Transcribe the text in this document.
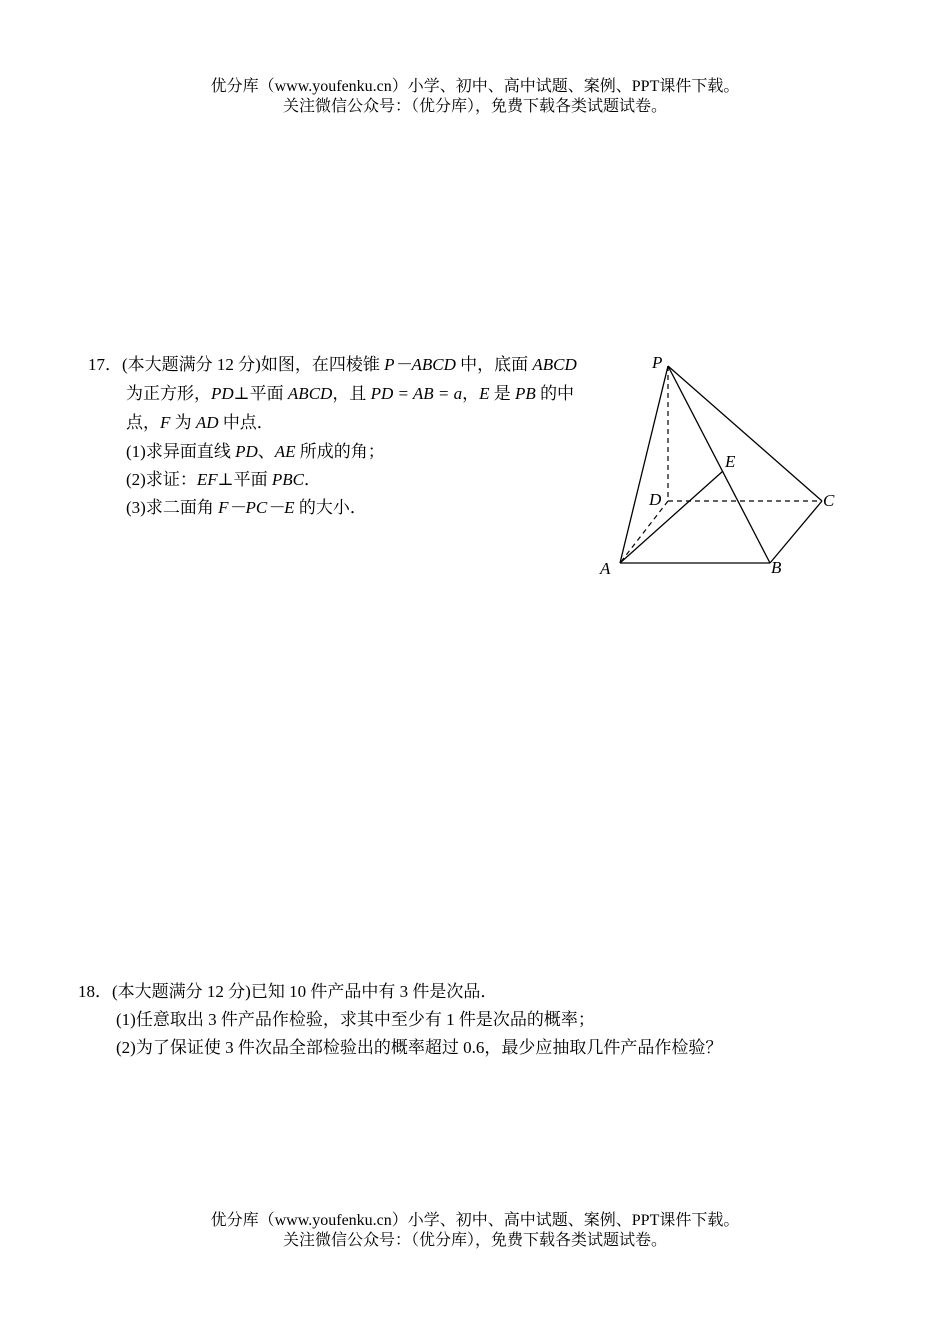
优分库（www.youfenku.cn）小学、初中、高中试题、案例、PPT课件下载。
关注微信公众号：（优分库），免费下载各类试题试卷。
17．(本大题满分 12 分)如图，在四棱锥 P－ABCD 中，底面 ABCD
为正方形，PD⊥平面 ABCD，且 PD = AB = a，E 是 PB 的中
点，F 为 AD 中点．
(1)求异面直线 PD、AE 所成的角；
(2)求证：EF⊥平面 PBC．
(3)求二面角 F－PC－E 的大小．
P
E
D	C
A	B
18．(本大题满分 12 分)已知 10 件产品中有 3 件是次品．
(1)任意取出 3 件产品作检验，求其中至少有 1 件是次品的概率；
(2)为了保证使 3 件次品全部检验出的概率超过 0.6，最少应抽取几件产品作检验？
优分库（www.youfenku.cn）小学、初中、高中试题、案例、PPT课件下载。
关注微信公众号：（优分库），免费下载各类试题试卷。
